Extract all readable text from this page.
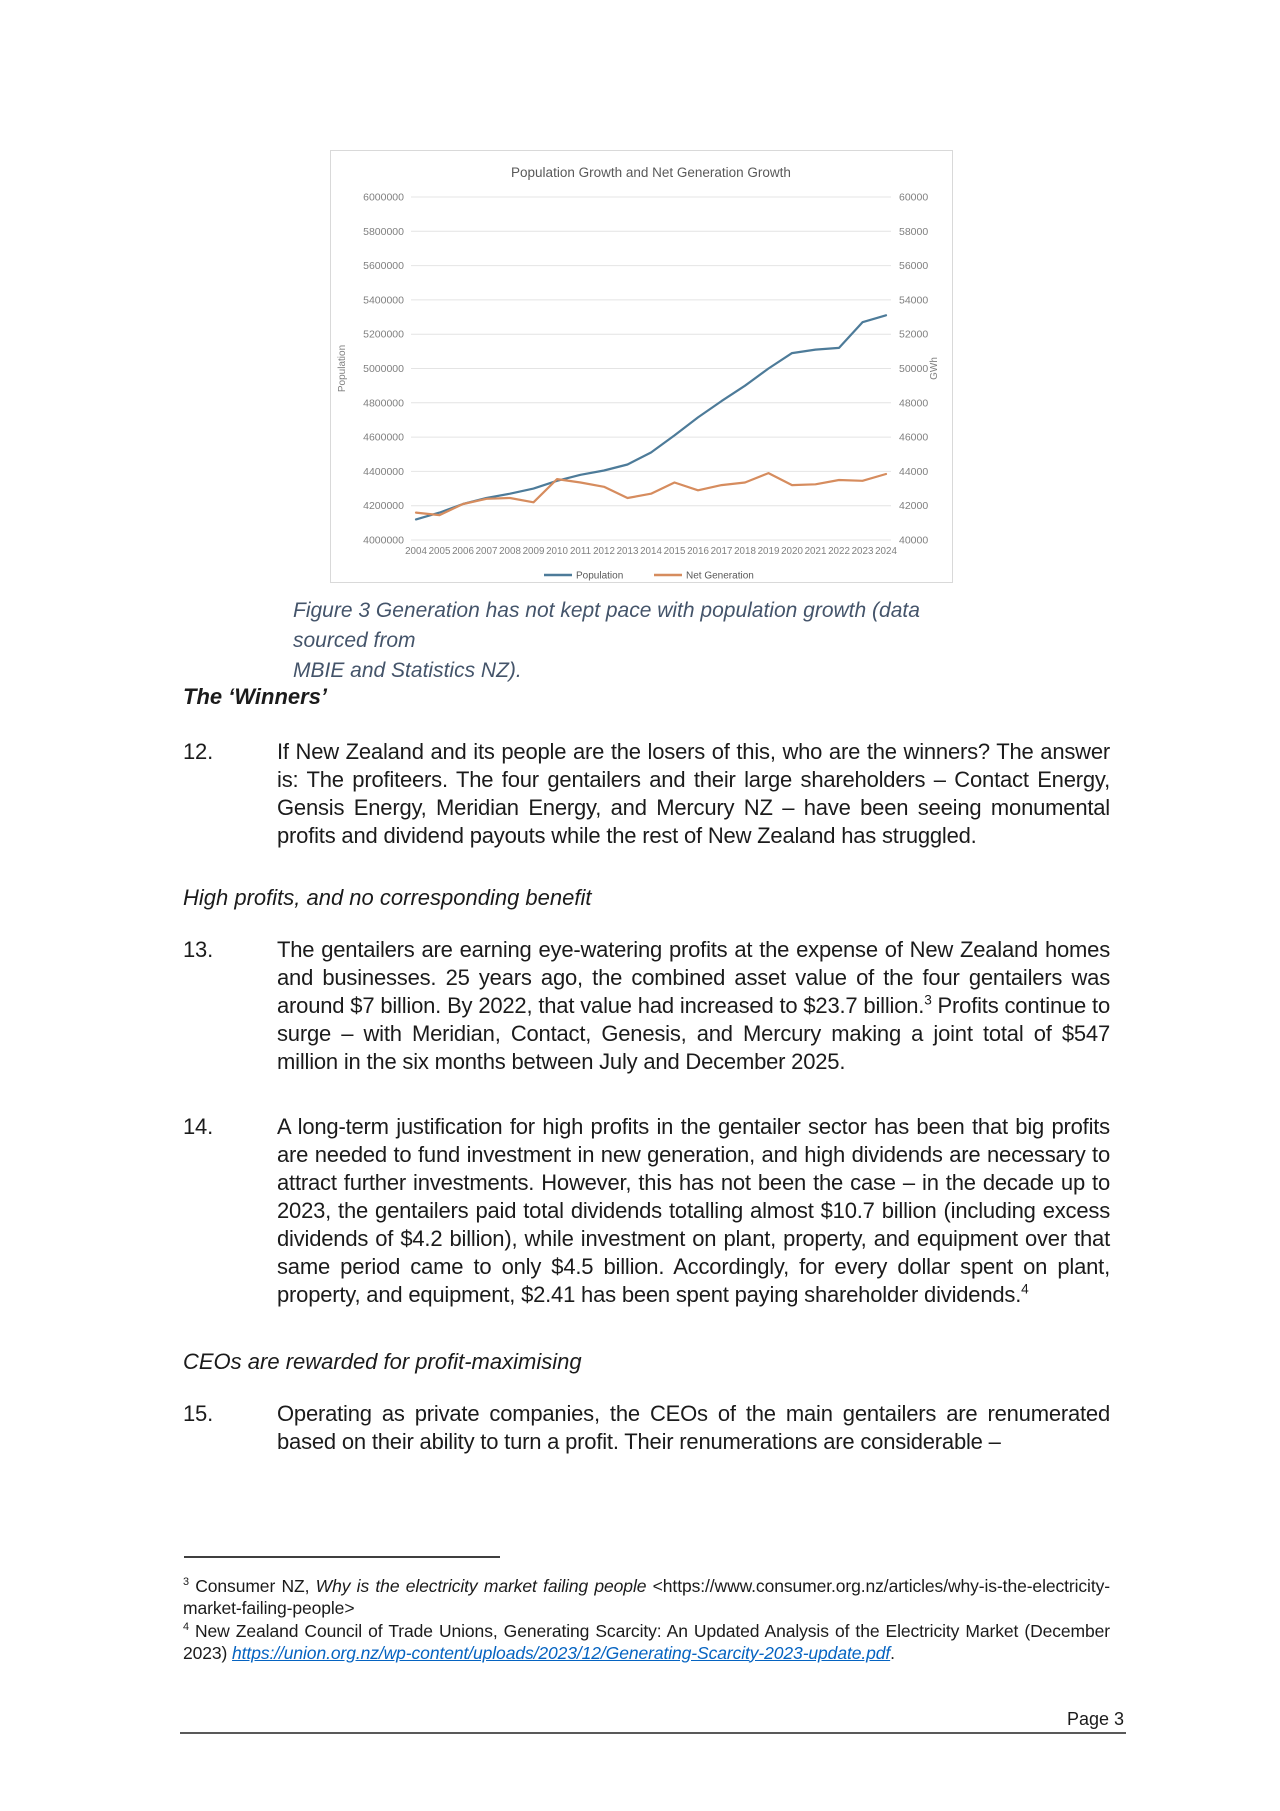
6000000	60000
5800000	58000
5600000	56000
5400000	54000
5200000	52000
5000000	50000
4800000	48000
4600000	46000
4400000	44000
4200000	42000
4000000	40000
Population Growth and Net Generation Growth
Population	GWh
2004 2005 2006 2007 2008 2009 2010 2011 2012 2013 2014 2015 2016 2017 2018 2019 2020 2021 2022 2023 2024
Population	Net Generation
Figure 3 Generation has not kept pace with population growth (data sourced from
MBIE and Statistics NZ).
The ‘Winners’
12.	If New Zealand and its people are the losers of this, who are the winners? The answer is: The profiteers. The four gentailers and their large shareholders – Contact Energy, Gensis Energy, Meridian Energy, and Mercury NZ – have been seeing monumental profits and dividend payouts while the rest of New Zealand has struggled.
High profits, and no corresponding benefit
13.	The gentailers are earning eye-watering profits at the expense of New Zealand homes and businesses. 25 years ago, the combined asset value of the four gentailers was around $7 billion. By 2022, that value had increased to $23.7 billion.$^3$ Profits continue to surge – with Meridian, Contact, Genesis, and Mercury making a joint total of $547 million in the six months between July and December 2025.
14.	A long-term justification for high profits in the gentailer sector has been that big profits are needed to fund investment in new generation, and high dividends are necessary to attract further investments. However, this has not been the case – in the decade up to 2023, the gentailers paid total dividends totalling almost $10.7 billion (including excess dividends of $4.2 billion), while investment on plant, property, and equipment over that same period came to only $4.5 billion. Accordingly, for every dollar spent on plant, property, and equipment, $2.41 has been spent paying shareholder dividends.$^4$
CEOs are rewarded for profit-maximising
15.	Operating as private companies, the CEOs of the main gentailers are renumerated based on their ability to turn a profit. Their renumerations are considerable –
$^3$ Consumer NZ, Why is the electricity market failing people <https://www.consumer.org.nz/articles/why-is-the-electricity-market-failing-people>
$^4$ New Zealand Council of Trade Unions, Generating Scarcity: An Updated Analysis of the Electricity Market (December 2023) https://union.org.nz/wp-content/uploads/2023/12/Generating-Scarcity-2023-update.pdf.
Page 3
